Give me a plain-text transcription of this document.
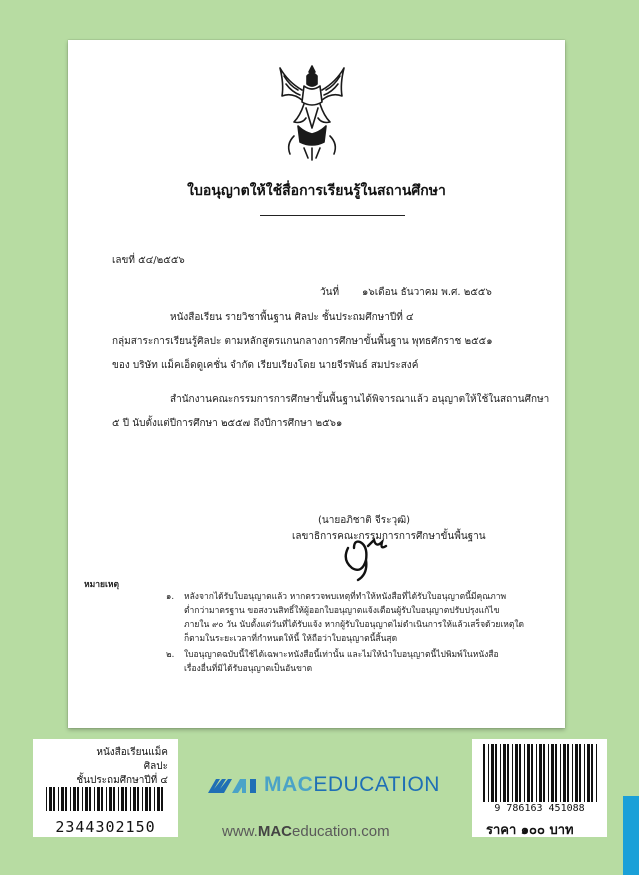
ใบอนุญาตให้ใช้สื่อการเรียนรู้ในสถานศึกษา
เลขที่ ๕๔/๒๕๕๖
วันที่ ๑๖เดือน ธันวาคม พ.ศ. ๒๕๕๖
หนังสือเรียน รายวิชาพื้นฐาน ศิลปะ ชั้นประถมศึกษาปีที่ ๔
กลุ่มสาระการเรียนรู้ศิลปะ ตามหลักสูตรแกนกลางการศึกษาขั้นพื้นฐาน พุทธศักราช ๒๕๕๑
ของ บริษัท แม็คเอ็ดดูเคชั่น จำกัด เรียบเรียงโดย นายจีรพันธ์ สมประสงค์
สำนักงานคณะกรรมการการศึกษาขั้นพื้นฐานได้พิจารณาแล้ว อนุญาตให้ใช้ในสถานศึกษา
๕ ปี นับตั้งแต่ปีการศึกษา ๒๕๕๗ ถึงปีการศึกษา ๒๕๖๑
(นายอภิชาติ จีระวุฒิ)
เลขาธิการคณะกรรมการการศึกษาขั้นพื้นฐาน
หมายเหตุ
๑. หลังจากได้รับใบอนุญาตแล้ว หากตรวจพบเหตุที่ทำให้หนังสือที่ได้รับใบอนุญาตนี้มีคุณภาพ
ต่ำกว่ามาตรฐาน ขอสงวนสิทธิ์ให้ผู้ออกใบอนุญาตแจ้งเตือนผู้รับใบอนุญาตปรับปรุงแก้ไข
ภายใน ๙๐ วัน นับตั้งแต่วันที่ได้รับแจ้ง หากผู้รับใบอนุญาตไม่ดำเนินการให้แล้วเสร็จด้วยเหตุใด
ก็ตามในระยะเวลาที่กำหนดให้นี้ ให้ถือว่าใบอนุญาตนี้สิ้นสุด
๒. ใบอนุญาตฉบับนี้ใช้ได้เฉพาะหนังสือนี้เท่านั้น และไม่ให้นำใบอนุญาตนี้ไปพิมพ์ในหนังสือ
เรื่องอื่นที่มิได้รับอนุญาตเป็นอันขาด
หนังสือเรียนแม็ค
ศิลปะ
ชั้นประถมศึกษาปีที่ ๔
2344302150
MACEDUCATION
www.MACeducation.com
9 786163 451088
ราคา ๑๐๐ บาท
